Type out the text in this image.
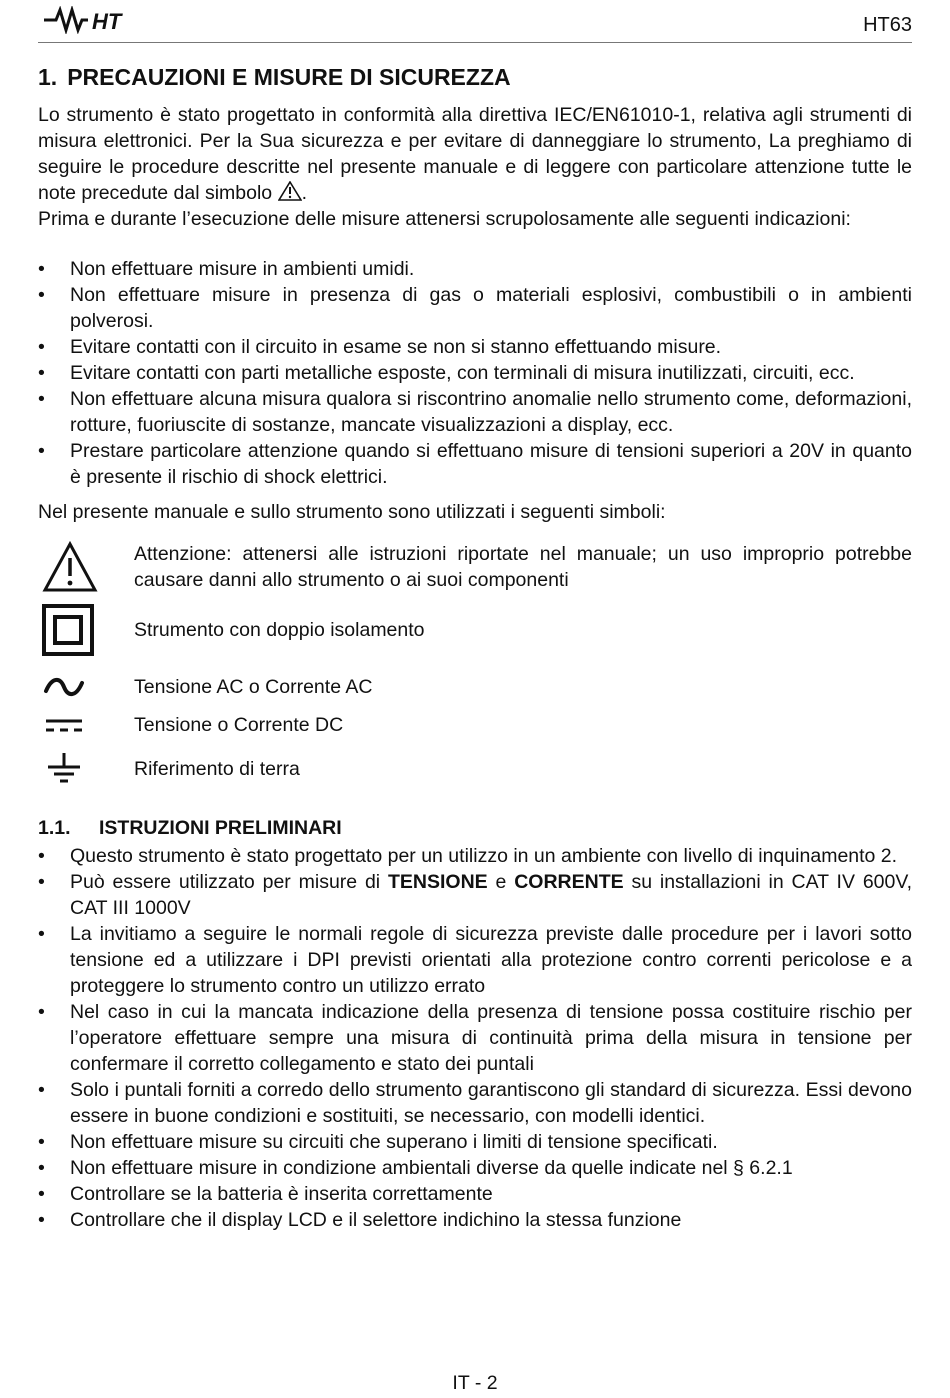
HT	HT63
1. PRECAUZIONI E MISURE DI SICUREZZA

Lo strumento è stato progettato in conformità alla direttiva IEC/EN61010-1, relativa agli strumenti di misura elettronici. Per la Sua sicurezza e per evitare di danneggiare lo strumento, La preghiamo di seguire le procedure descritte nel presente manuale e di leggere con particolare attenzione tutte le note precedute dal simbolo .

Prima e durante l’esecuzione delle misure attenersi scrupolosamente alle seguenti indicazioni:

• Non effettuare misure in ambienti umidi.
• Non effettuare misure in presenza di gas o materiali esplosivi, combustibili o in ambienti polverosi.
• Evitare contatti con il circuito in esame se non si stanno effettuando misure.
• Evitare contatti con parti metalliche esposte, con terminali di misura inutilizzati, circuiti, ecc.
• Non effettuare alcuna misura qualora si riscontrino anomalie nello strumento come, deformazioni, rotture, fuoriuscite di sostanze, mancate visualizzazioni a display, ecc.
• Prestare particolare attenzione quando si effettuano misure di tensioni superiori a 20V in quanto è presente il rischio di shock elettrici.

Nel presente manuale e sullo strumento sono utilizzati i seguenti simboli:

Attenzione: attenersi alle istruzioni riportate nel manuale; un uso improprio potrebbe causare danni allo strumento o ai suoi componenti
Strumento con doppio isolamento
Tensione AC o Corrente AC
Tensione o Corrente DC
Riferimento di terra
1.1. ISTRUZIONI PRELIMINARI
• Questo strumento è stato progettato per un utilizzo in un ambiente con livello di inquinamento 2.
• Può essere utilizzato per misure di TENSIONE e CORRENTE su installazioni in CAT IV 600V, CAT III 1000V
• La invitiamo a seguire le normali regole di sicurezza previste dalle procedure per i lavori sotto tensione ed a utilizzare i DPI previsti orientati alla protezione contro correnti pericolose e a proteggere lo strumento contro un utilizzo errato
• Nel caso in cui la mancata indicazione della presenza di tensione possa costituire rischio per l’operatore effettuare sempre una misura di continuità prima della misura in tensione per confermare il corretto collegamento e stato dei puntali
• Solo i puntali forniti a corredo dello strumento garantiscono gli standard di sicurezza. Essi devono essere in buone condizioni e sostituiti, se necessario, con modelli identici.
• Non effettuare misure su circuiti che superano i limiti di tensione specificati.
• Non effettuare misure in condizione ambientali diverse da quelle indicate nel § 6.2.1
• Controllare se la batteria è inserita correttamente
• Controllare che il display LCD e il selettore indichino la stessa funzione
IT - 2
